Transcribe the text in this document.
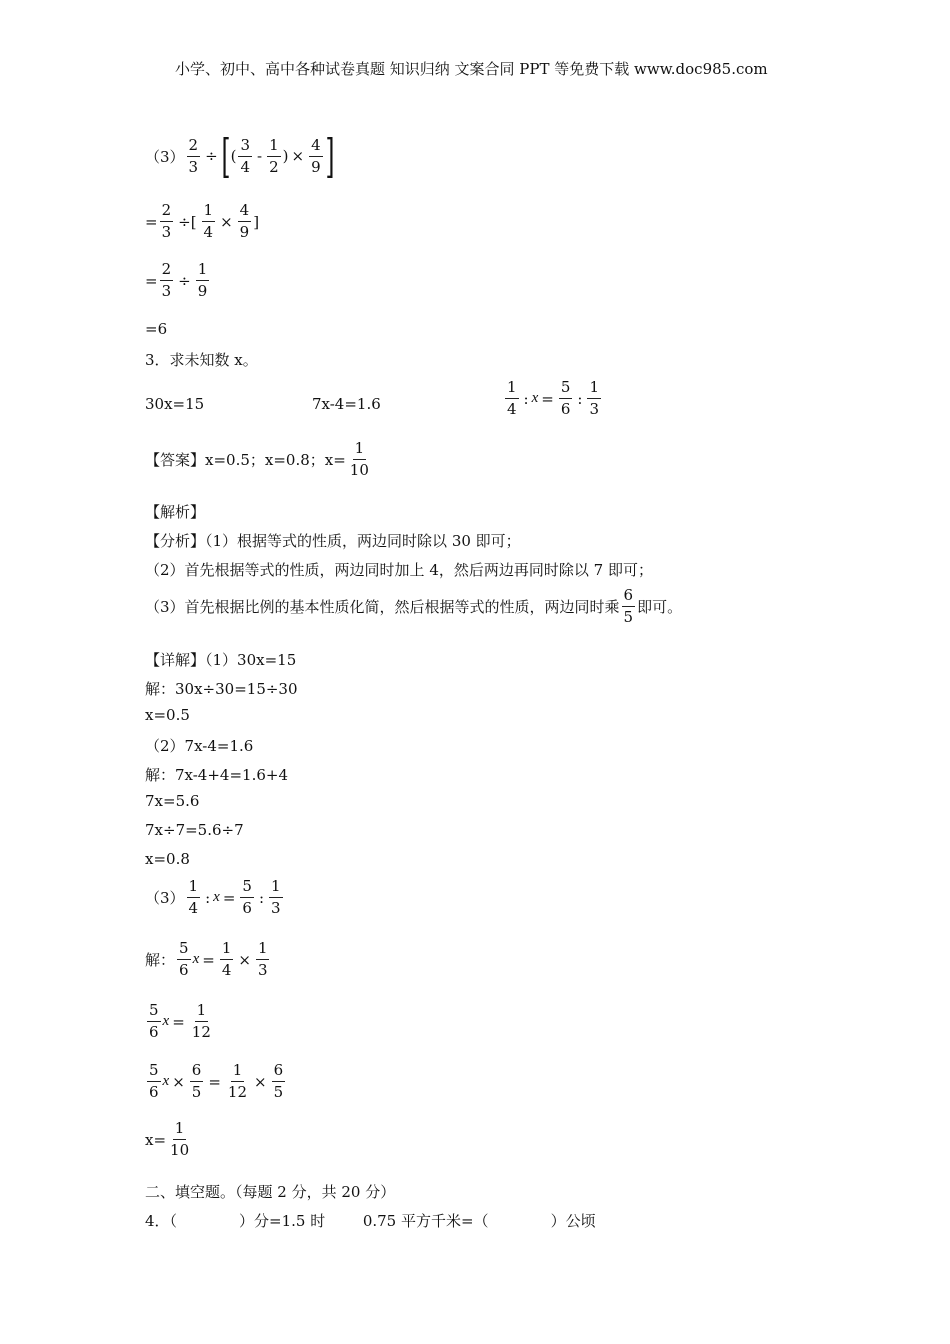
小学、初中、高中各种试卷真题 知识归纳 文案合同 PPT 等免费下载 www.doc985.com
$(3) \frac{2}{3}$ ÷ [ ( $\frac{3}{4} - \frac{1}{2}$ ) × $\frac{4}{9}$ ]
= $\frac{2}{3}$ ÷[ $\frac{1}{4} \times \frac{4}{9}$ ]
= $\frac{2}{3} \div \frac{1}{9}$
=6
3．求未知数 x。
30x=15	7x-4=1.6	$\frac{1}{4}$ : $x = \frac{5}{6}$ : $\frac{1}{3}$
【答案】x=0.5；x=0.8；$x= \frac{1}{10}$
【解析】
【分析】（1）根据等式的性质，两边同时除以 30 即可；
（2）首先根据等式的性质，两边同时加上 4，然后两边再同时除以 7 即可；
（3）首先根据比例的基本性质化简，然后根据等式的性质，两边同时乘 $\frac{6}{5}$ 即可。
【详解】（1）30x=15
解：30x÷30=15÷30
x=0.5
（2）7x-4=1.6
解：7x-4+4=1.6+4
7x=5.6
7x÷7=5.6÷7
x=0.8
$(3) \frac{1}{4}$ : $x = \frac{5}{6}$ : $\frac{1}{3}$
解： $\frac{5}{6}$ $x = \frac{1}{4} \times \frac{1}{3}$
$\frac{5}{6}$ $x = \frac{1}{12}$
$\frac{5}{6}$ $x \times \frac{6}{5} = \frac{1}{12} \times \frac{6}{5}$
$x= \frac{1}{10}$
二、填空题。（每题 2 分，共 20 分）
4．（	）分=1.5 时	0.75 平方千米=（	）公顷
